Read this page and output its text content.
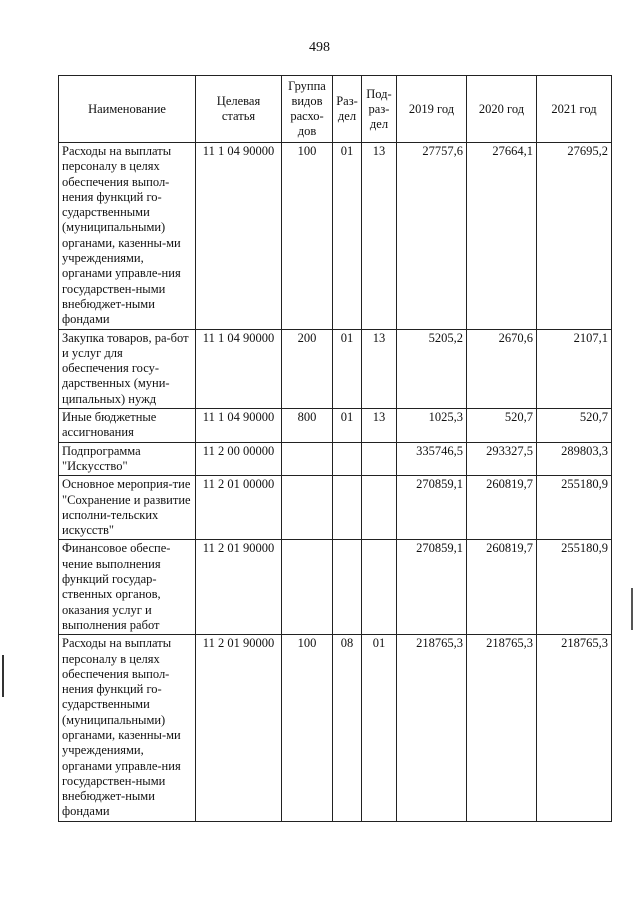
498
Наименование	Целевая статья	Группа видов расхо-дов	Раз-дел	Под-раз-дел	2019 год	2020 год	2021 год
Расходы на выплаты персоналу в целях обеспечения выпол-нения функций го-сударственными (муниципальными) органами, казенны-ми учреждениями, органами управле-ния государствен-ными внебюджет-ными фондами	11 1 04 90000	100	01	13	27757,6	27664,1	27695,2
Закупка товаров, ра-бот и услуг для обеспечения госу-дарственных (муни-ципальных) нужд	11 1 04 90000	200	01	13	5205,2	2670,6	2107,1
Иные бюджетные ассигнования	11 1 04 90000	800	01	13	1025,3	520,7	520,7
Подпрограмма "Искусство"	11 2 00 00000				335746,5	293327,5	289803,3
Основное мероприя-тие "Сохранение и развитие исполни-тельских искусств"	11 2 01 00000				270859,1	260819,7	255180,9
Финансовое обеспе-чение выполнения функций государ-ственных органов, оказания услуг и выполнения работ	11 2 01 90000				270859,1	260819,7	255180,9
Расходы на выплаты персоналу в целях обеспечения выпол-нения функций го-сударственными (муниципальными) органами, казенны-ми учреждениями, органами управле-ния государствен-ными внебюджет-ными фондами	11 2 01 90000	100	08	01	218765,3	218765,3	218765,3
